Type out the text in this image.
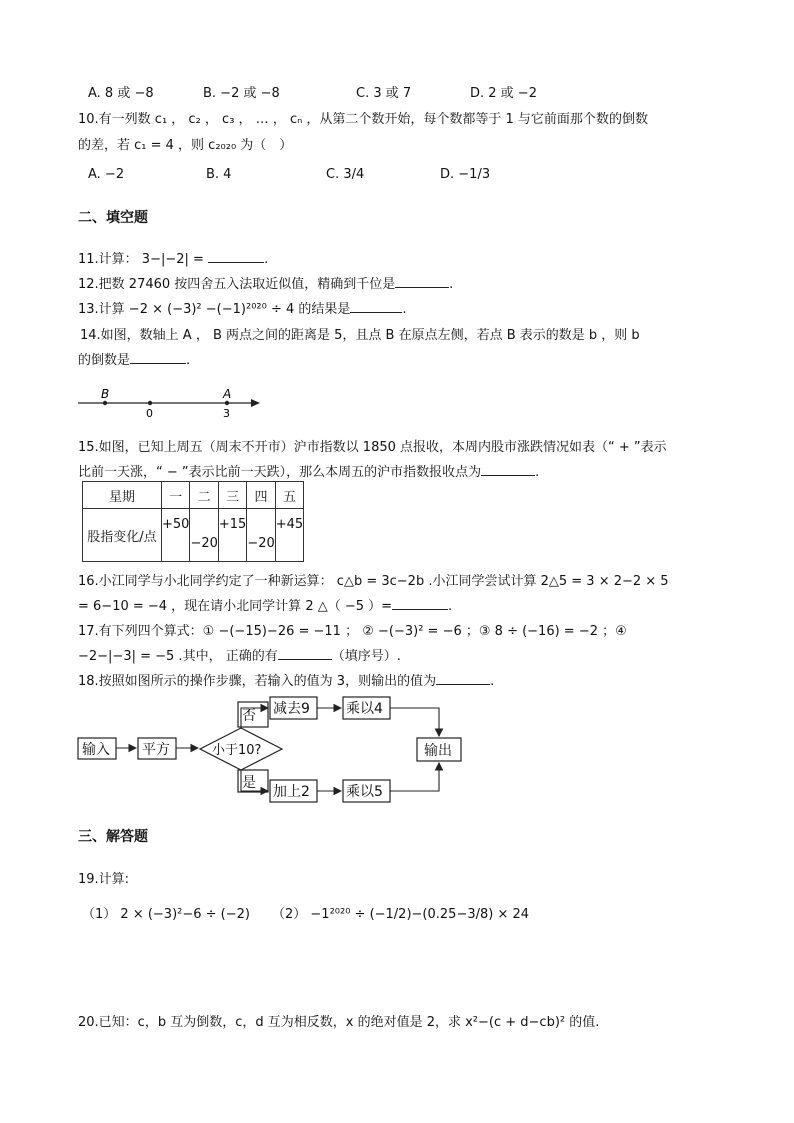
A. 8 或 −8	B. −2 或 −8	C. 3 或 7	D. 2 或 −2
10.有一列数 c₁ ， c₂ ， c₃ ， … ， cₙ ，从第二个数开始，每个数都等于 1 与它前面那个数的倒数
的差，若 c₁ = 4 ，则 c₂₀₂₀ 为（　）
A. −2	B. 4	C. 3/4	D. −1/3
二、填空题
11.计算： 3−|−2| =	.
12.把数 27460 按四舍五入法取近似值，精确到千位是	.
13.计算 −2 × (−3)² −(−1)²⁰²⁰ ÷ 4 的结果是	.
14.如图，数轴上 A ， B 两点之间的距离是 5，且点 B 在原点左侧，若点 B 表示的数是 b ，则 b
的倒数是	.
B	A
0	3
15.如图，已知上周五（周末不开市）沪市指数以 1850 点报收，本周内股市涨跌情况如表（“ + ”表示
比前一天涨，“ − ”表示比前一天跌），那么本周五的沪市指数报收点为	.
星期	一	二	三	四	五
股指变化/点	+50	−20	+15	−20	+45
16.小江同学与小北同学约定了一种新运算： c△b = 3c−2b .小江同学尝试计算 2△5 = 3 × 2−2 × 5
= 6−10 = −4 ，现在请小北同学计算 2 △（ −5 ）=	.
17.有下列四个算式：① −(−15)−26 = −11 ； ② −(−3)² = −6 ；③ 8 ÷ (−16) = −2 ；④
−2−|−3| = −5 .其中， 正确的有	（填序号）.
18.按照如图所示的操作步骤，若输入的值为 3，则输出的值为	.
输入 平方	小于10?
否
是
减去9	乘以4
加上2	乘以5
输出
三、解答题
19.计算:
（1） 2 × (−3)²−6 ÷ (−2) （2） −1²⁰²⁰ ÷ (−1/2)−(0.25−3/8) × 24
20.已知：c，b 互为倒数，c，d 互为相反数，x 的绝对值是 2，求 x²−(c + d−cb)² 的值.
